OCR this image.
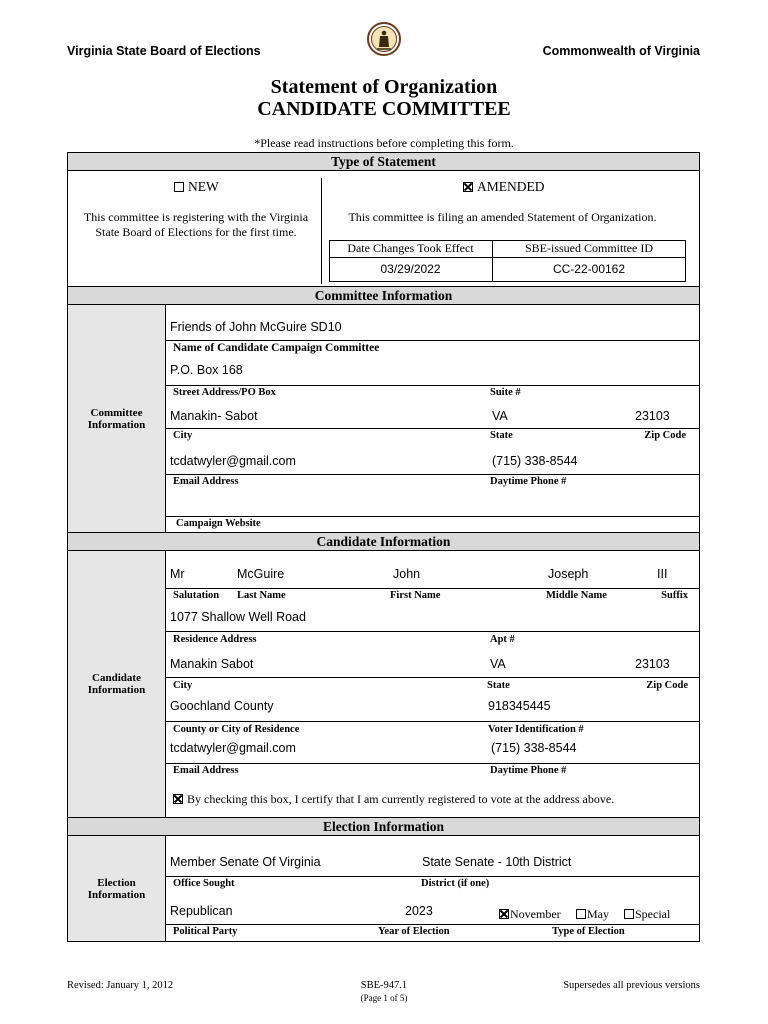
Virginia State Board of Elections	Commonwealth of Virginia
Statement of Organization
CANDIDATE COMMITTEE
*Please read instructions before completing this form.
Type of Statement
NEW
This committee is registering with the Virginia State Board of Elections for the first time.
AMENDED
This committee is filing an amended Statement of Organization.
Date Changes Took Effect	SBE-issued Committee ID
03/29/2022	CC-22-00162
Committee Information
Committee Information
Friends of John McGuire SD10
Name of Candidate Campaign Committee
P.O. Box 168
Street Address/PO Box	Suite #
Manakin- Sabot	VA	23103
City	State	Zip Code
tcdatwyler@gmail.com	(715) 338-8544
Email Address	Daytime Phone #
Campaign Website
Candidate Information
Candidate Information
Mr	McGuire	John	Joseph	III
Salutation Last Name	First Name	Middle Name	Suffix
1077 Shallow Well Road
Residence Address	Apt #
Manakin Sabot	VA	23103
City	State	Zip Code
Goochland County	918345445
County or City of Residence	Voter Identification #
tcdatwyler@gmail.com	(715) 338-8544
Email Address	Daytime Phone #
By checking this box, I certify that I am currently registered to vote at the address above.
Election Information
Election Information
Member Senate Of Virginia	State Senate - 10th District
Office Sought	District (if one)
Republican	2023	November	May	Special
Political Party	Year of Election	Type of Election
Revised: January 1, 2012	SBE-947.1
(Page 1 of 5)
Supersedes all previous versions
